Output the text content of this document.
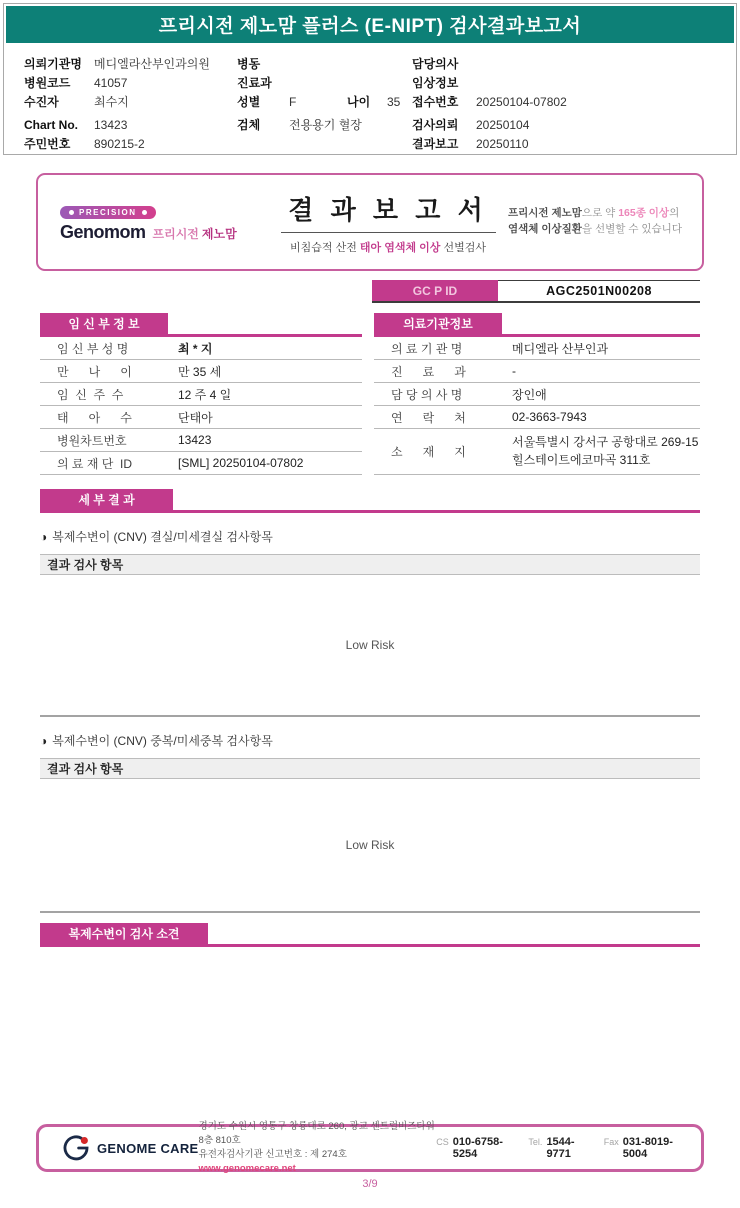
프리시전 제노맘 플러스 (E-NIPT) 검사결과보고서
의뢰기관명	메디엘라산부인과의원
병원코드	41057
수진자	최수지
Chart No.	13423
주민번호	890215-2
병동
진료과
성별	F	나이	35
검체	전용용기 혈장
담당의사
임상정보
접수번호	20250104-07802
검사의뢰	20250104
결과보고	20250110
PRECISION
Genomom 프리시전 제노맘
결 과 보 고 서
비침습적 산전 태아 염색체 이상 선별검사
프리시전 제노맘으로 약 165종 이상의
염색체 이상질환을 선별할 수 있습니다
GC P ID	AGC2501N00208
임 신 부 정 보
임 신 부 성 명	최 * 지
만      나      이	만 35 세
임  신  주  수	12 주 4 일
태      아      수	단태아
병원차트번호	13423
의 료 재 단  ID	[SML] 20250104-07802
의료기관정보
의 료 기 관 명	메디엘라 산부인과
진      료      과	-
담 당 의 사 명	장인애
연      락      처	02-3663-7943
소      재      지
서울특별시 강서구 공항대로 269-15
힐스테이트에코마곡 311호
세 부 결 과
◑ 복제수변이 (CNV) 결실/미세결실 검사항목
결과 검사 항목
Low Risk
◑ 복제수변이 (CNV) 중복/미세중복 검사항목
결과 검사 항목
Low Risk
복제수변이 검사 소견
GENOME CARE
경기도 수원시 영통구 창룡대로 260, 광교 센트럴비즈타워 8층 810호
유전자검사기관 신고번호 : 제 274호
www.genomecare.net
CS 010-6758-5254
Tel. 1544-9771
Fax 031-8019-5004
3/9
